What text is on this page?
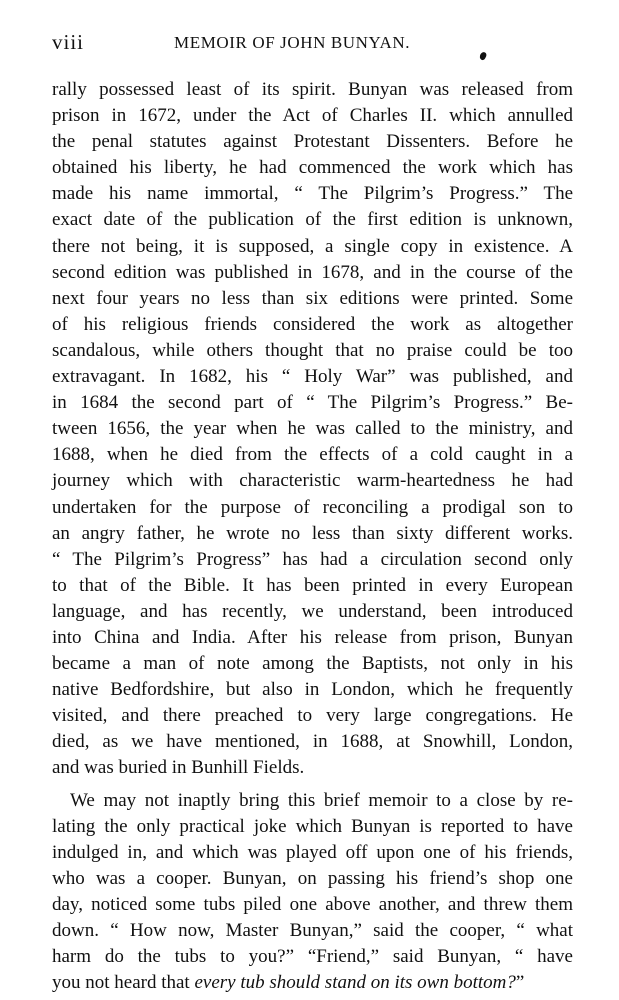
viii	MEMOIR OF JOHN BUNYAN.
rally possessed least of its spirit. Bunyan was released from
prison in 1672, under the Act of Charles II. which annulled
the penal statutes against Protestant Dissenters. Before he
obtained his liberty, he had commenced the work which has
made his name immortal, “ The Pilgrim’s Progress.” The
exact date of the publication of the first edition is unknown,
there not being, it is supposed, a single copy in existence. A
second edition was published in 1678, and in the course of the
next four years no less than six editions were printed. Some
of his religious friends considered the work as altogether
scandalous, while others thought that no praise could be too
extravagant. In 1682, his “ Holy War” was published, and
in 1684 the second part of “ The Pilgrim’s Progress.” Be-
tween 1656, the year when he was called to the ministry, and
1688, when he died from the effects of a cold caught in a
journey which with characteristic warm-heartedness he had
undertaken for the purpose of reconciling a prodigal son to
an angry father, he wrote no less than sixty different works.
“ The Pilgrim’s Progress” has had a circulation second only
to that of the Bible. It has been printed in every European
language, and has recently, we understand, been introduced
into China and India. After his release from prison, Bunyan
became a man of note among the Baptists, not only in his
native Bedfordshire, but also in London, which he frequently
visited, and there preached to very large congregations. He
died, as we have mentioned, in 1688, at Snowhill, London,
and was buried in Bunhill Fields.
We may not inaptly bring this brief memoir to a close by re-
lating the only practical joke which Bunyan is reported to have
indulged in, and which was played off upon one of his friends,
who was a cooper. Bunyan, on passing his friend’s shop one
day, noticed some tubs piled one above another, and threw them
down. “ How now, Master Bunyan,” said the cooper, “ what
harm do the tubs to you?” “Friend,” said Bunyan, “ have
you not heard that every tub should stand on its own bottom?”
